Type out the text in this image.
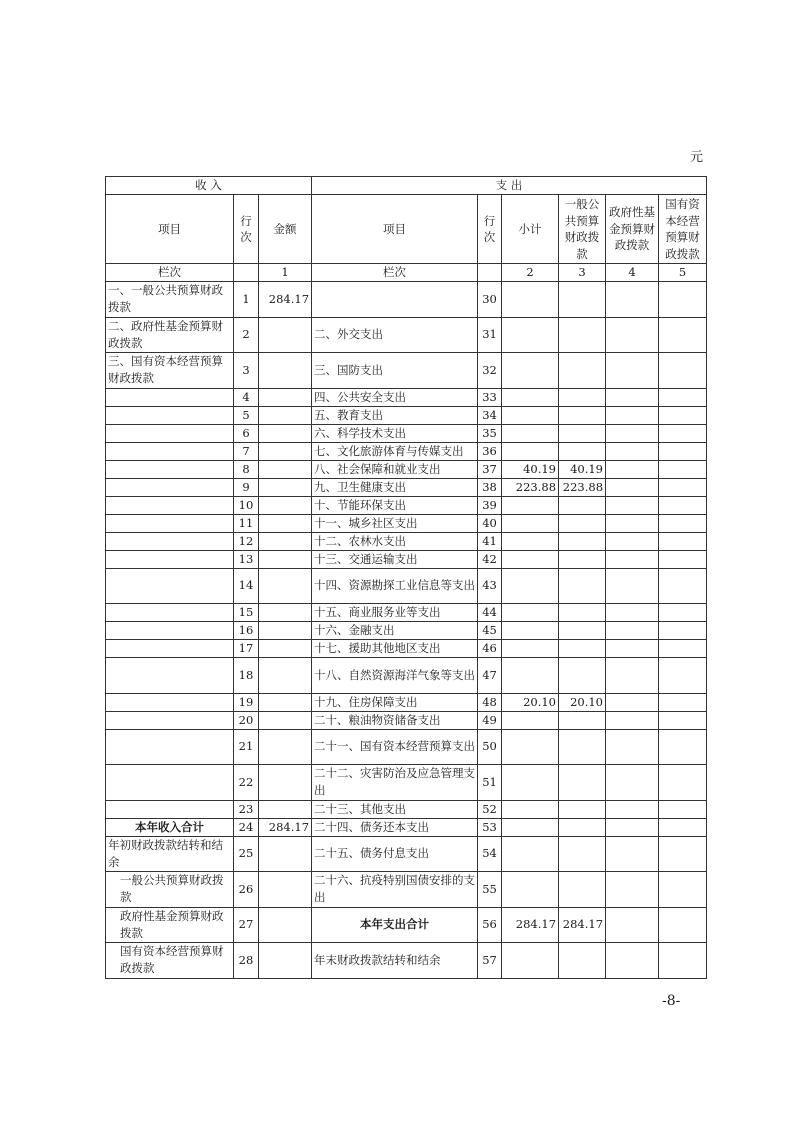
元
收 入			支 出					
项目	行次	金额	项目	行次	小计	一般公共预算财政拨款	政府性基金预算财政拨款	国有资本经营预算财政拨款
栏次		1	栏次		2	3	4	5
一、一般公共预算财政拨款	1	284.17		30				
二、政府性基金预算财政拨款	2		二、外交支出	31				
三、国有资本经营预算财政拨款	3		三、国防支出	32				
	4		四、公共安全支出	33				
	5		五、教育支出	34				
	6		六、科学技术支出	35				
	7		七、文化旅游体育与传媒支出	36				
	8		八、社会保障和就业支出	37	40.19	40.19		
	9		九、卫生健康支出	38	223.88	223.88		
	10		十、节能环保支出	39				
	11		十一、城乡社区支出	40				
	12		十二、农林水支出	41				
	13		十三、交通运输支出	42				
	14		十四、资源勘探工业信息等支出	43				
	15		十五、商业服务业等支出	44				
	16		十六、金融支出	45				
	17		十七、援助其他地区支出	46				
	18		十八、自然资源海洋气象等支出	47				
	19		十九、住房保障支出	48	20.10	20.10		
	20		二十、粮油物资储备支出	49				
	21		二十一、国有资本经营预算支出	50				
	22		二十二、灾害防治及应急管理支出	51				
	23		二十三、其他支出	52				
本年收入合计	24	284.17	二十四、债务还本支出	53				
年初财政拨款结转和结余	25		二十五、债务付息支出	54				
一般公共预算财政拨款	26		二十六、抗疫特别国债安排的支出	55				
政府性基金预算财政拨款	27		本年支出合计	56	284.17	284.17		
国有资本经营预算财政拨款	28		年末财政拨款结转和结余	57				
-8-
